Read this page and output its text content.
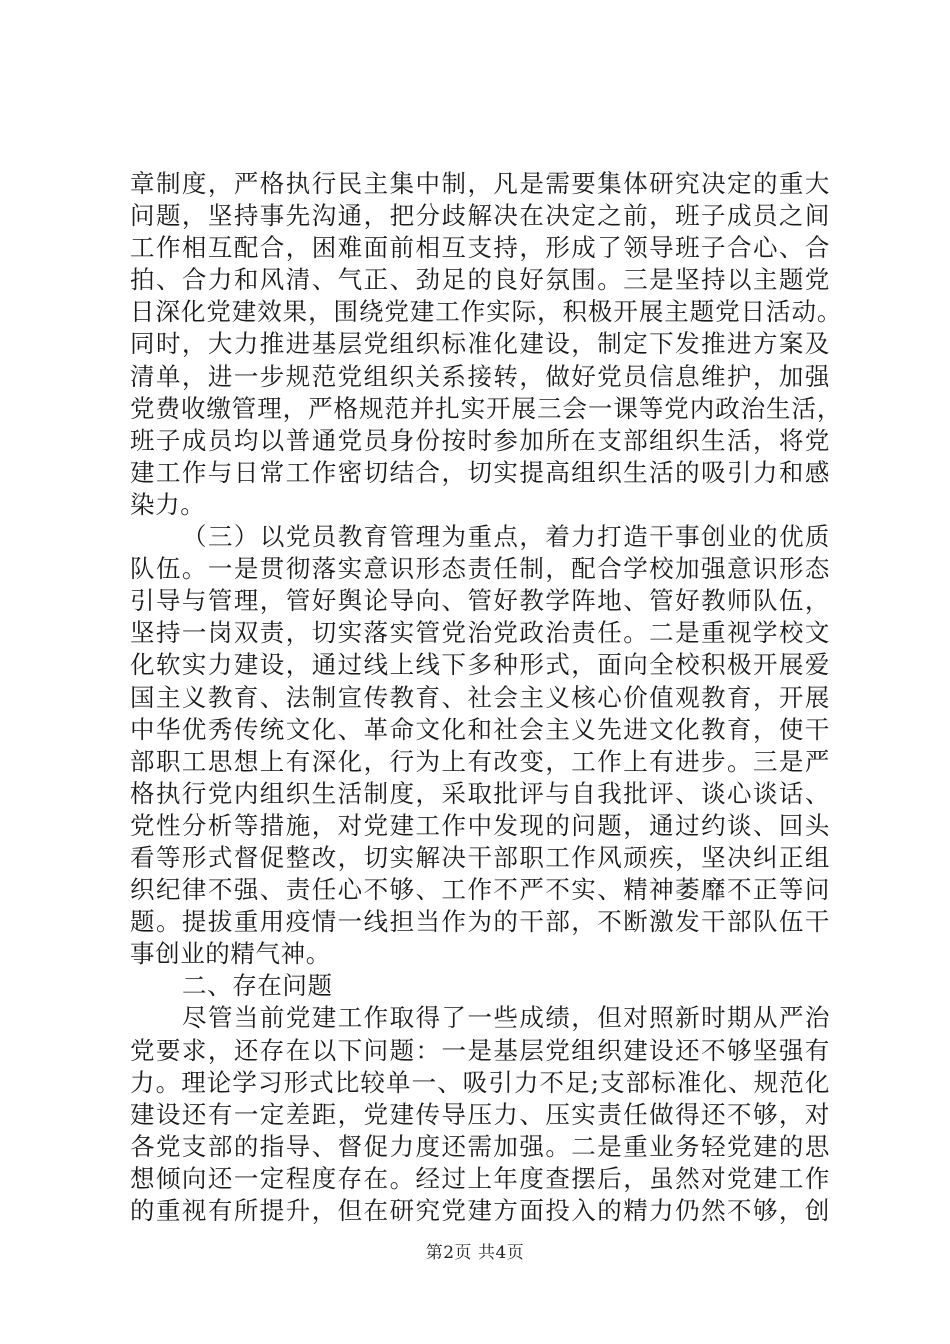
章制度，严格执行民主集中制，凡是需要集体研究决定的重大
问题，坚持事先沟通，把分歧解决在决定之前，班子成员之间
工作相互配合，困难面前相互支持，形成了领导班子合心、合
拍、合力和风清、气正、劲足的良好氛围。三是坚持以主题党
日深化党建效果，围绕党建工作实际，积极开展主题党日活动。
同时，大力推进基层党组织标准化建设，制定下发推进方案及
清单，进一步规范党组织关系接转，做好党员信息维护，加强
党费收缴管理，严格规范并扎实开展三会一课等党内政治生活，
班子成员均以普通党员身份按时参加所在支部组织生活，将党
建工作与日常工作密切结合，切实提高组织生活的吸引力和感
染力。
（三）以党员教育管理为重点，着力打造干事创业的优质
队伍。一是贯彻落实意识形态责任制，配合学校加强意识形态
引导与管理，管好舆论导向、管好教学阵地、管好教师队伍，
坚持一岗双责，切实落实管党治党政治责任。二是重视学校文
化软实力建设，通过线上线下多种形式，面向全校积极开展爱
国主义教育、法制宣传教育、社会主义核心价值观教育，开展
中华优秀传统文化、革命文化和社会主义先进文化教育，使干
部职工思想上有深化，行为上有改变，工作上有进步。三是严
格执行党内组织生活制度，采取批评与自我批评、谈心谈话、
党性分析等措施，对党建工作中发现的问题，通过约谈、回头
看等形式督促整改，切实解决干部职工作风顽疾，坚决纠正组
织纪律不强、责任心不够、工作不严不实、精神萎靡不正等问
题。提拔重用疫情一线担当作为的干部，不断激发干部队伍干
事创业的精气神。
二、存在问题
尽管当前党建工作取得了一些成绩，但对照新时期从严治
党要求，还存在以下问题：一是基层党组织建设还不够坚强有
力。理论学习形式比较单一、吸引力不足;支部标准化、规范化
建设还有一定差距，党建传导压力、压实责任做得还不够，对
各党支部的指导、督促力度还需加强。二是重业务轻党建的思
想倾向还一定程度存在。经过上年度查摆后，虽然对党建工作
的重视有所提升，但在研究党建方面投入的精力仍然不够，创
第2页 共4页
